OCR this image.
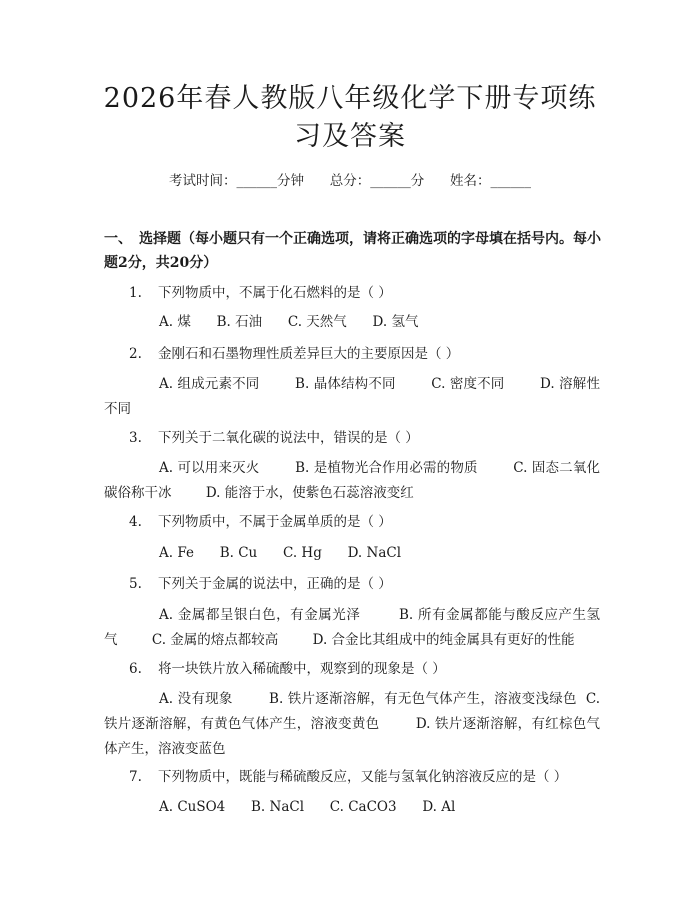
2026年春人教版八年级化学下册专项练习及答案
考试时间：______分钟      总分：______分      姓名：______

一、　选择题（每小题只有一个正确选项，请将正确选项的字母填在括号内。每小题2分，共20分）

1. 下列物质中，不属于化石燃料的是（ ）

A. 煤 B. 石油 C. 天然气 D. 氢气

2. 金刚石和石墨物理性质差异巨大的主要原因是（ ）

A. 组成元素不同	B. 晶体结构不同	C. 密度不同	D. 溶解性不同

3. 下列关于二氧化碳的说法中，错误的是（ ）

A. 可以用来灭火	B. 是植物光合作用必需的物质	C. 固态二氧化碳俗称干冰	D. 能溶于水，使紫色石蕊溶液变红

4. 下列物质中，不属于金属单质的是（ ）

A. Fe B. Cu C. Hg D. NaCl

5. 下列关于金属的说法中，正确的是（ ）

A. 金属都呈银白色，有金属光泽	B. 所有金属都能与酸反应产生氢气	C. 金属的熔点都较高	D. 合金比其组成中的纯金属具有更好的性能

6. 将一块铁片放入稀硫酸中，观察到的现象是（ ）

A. 没有现象	B. 铁片逐渐溶解，有无色气体产生，溶液变浅绿色 C. 铁片逐渐溶解，有黄色气体产生，溶液变黄色	D. 铁片逐渐溶解，有红棕色气体产生，溶液变蓝色

7. 下列物质中，既能与稀硫酸反应，又能与氢氧化钠溶液反应的是（ ）

A. CuSO4 B. NaCl C. CaCO3 D. Al
